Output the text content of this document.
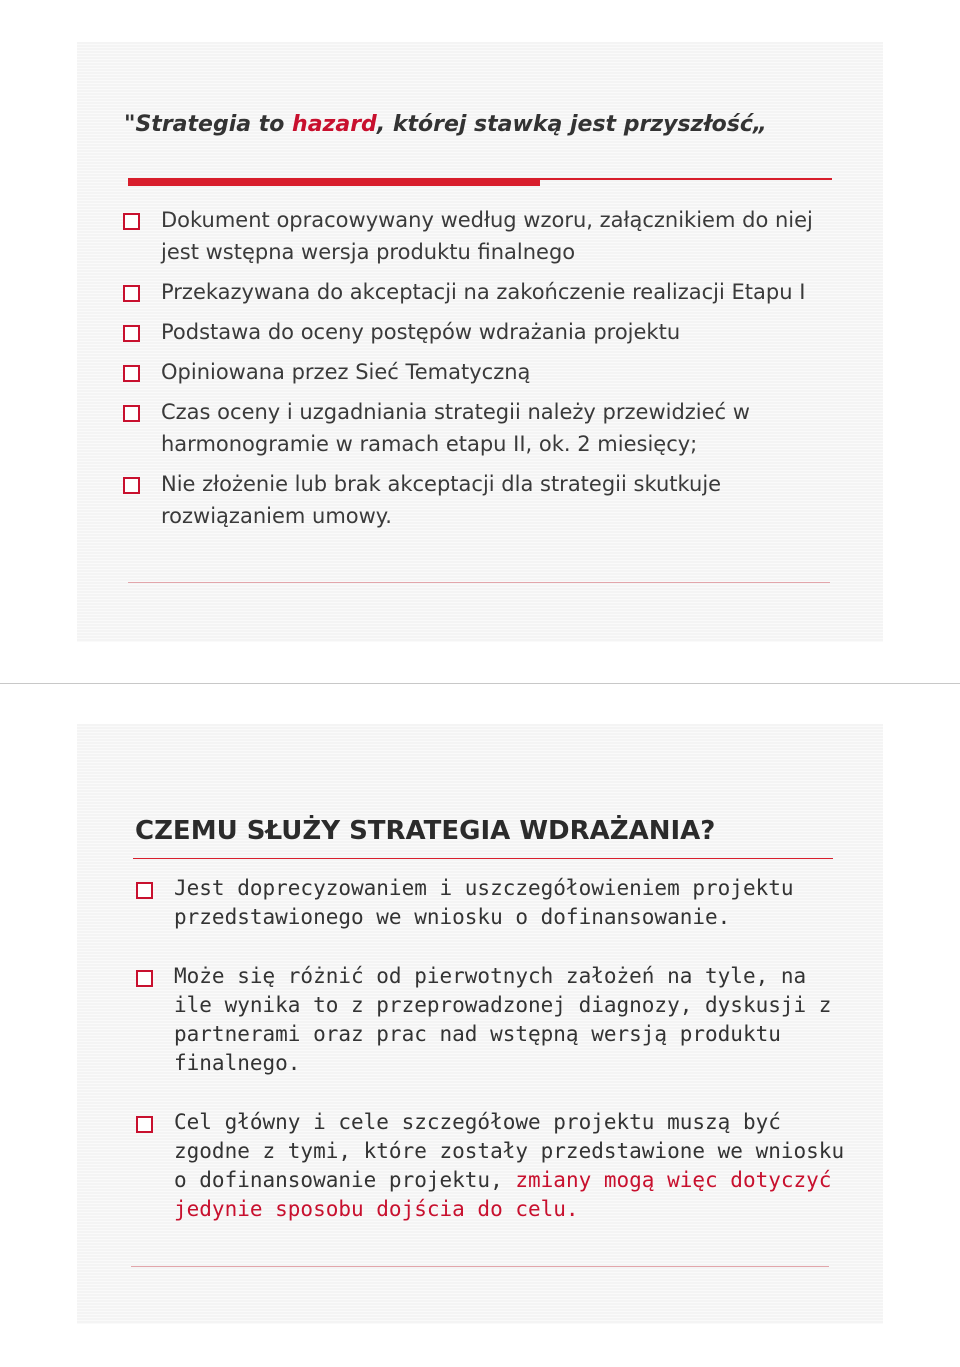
"Strategia to hazard, której stawką jest przyszłość„
Dokument opracowywany według wzoru, załącznikiem do niej jest wstępna wersja produktu finalnego
Przekazywana do akceptacji na zakończenie realizacji Etapu I
Podstawa do oceny postępów wdrażania projektu
Opiniowana przez Sieć Tematyczną
Czas oceny i uzgadniania strategii należy przewidzieć w harmonogramie w ramach etapu II, ok. 2 miesięcy;
Nie złożenie lub brak akceptacji dla strategii skutkuje rozwiązaniem umowy.
CZEMU SŁUŻY STRATEGIA WDRAŻANIA?
Jest doprecyzowaniem i uszczegółowieniem projektu przedstawionego we wniosku o dofinansowanie.
Może się różnić od pierwotnych założeń na tyle, na ile wynika to z przeprowadzonej diagnozy, dyskusji z partnerami oraz prac nad wstępną wersją produktu finalnego.
Cel główny i cele szczegółowe projektu muszą być zgodne z tymi, które zostały przedstawione we wniosku o dofinansowanie projektu, zmiany mogą więc dotyczyć jedynie sposobu dojścia do celu.
